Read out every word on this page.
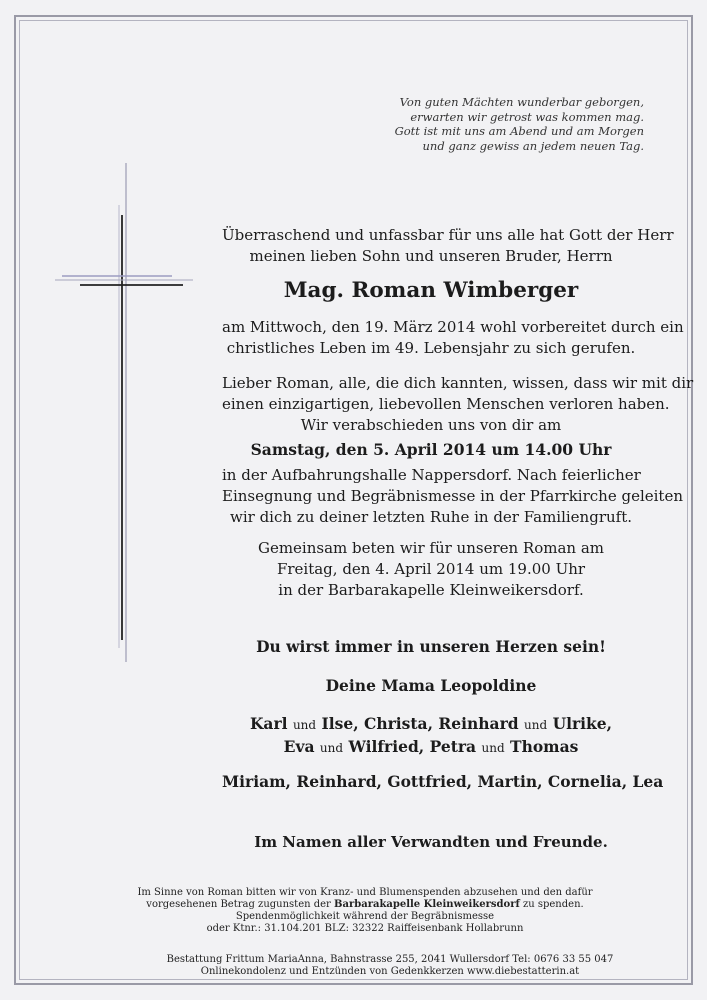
Von guten Mächten wunderbar geborgen,
erwarten wir getrost was kommen mag.
Gott ist mit uns am Abend und am Morgen
und ganz gewiss an jedem neuen Tag.
Überraschend und unfassbar für uns alle hat Gott der Herr
meinen lieben Sohn und unseren Bruder, Herrn
Mag. Roman Wimberger
am Mittwoch, den 19. März 2014 wohl vorbereitet durch ein
christliches Leben im 49. Lebensjahr zu sich gerufen.
Lieber Roman, alle, die dich kannten, wissen, dass wir mit dir
einen einzigartigen, liebevollen Menschen verloren haben.
Wir verabschieden uns von dir am
Samstag, den 5. April 2014 um 14.00 Uhr
in der Aufbahrungshalle Nappersdorf. Nach feierlicher
Einsegnung und Begräbnismesse in der Pfarrkirche geleiten
wir dich zu deiner letzten Ruhe in der Familiengruft.
Gemeinsam beten wir für unseren Roman am
Freitag, den 4. April 2014 um 19.00 Uhr
in der Barbarakapelle Kleinweikersdorf.
Du wirst immer in unseren Herzen sein!
Deine Mama Leopoldine
Karl und Ilse, Christa, Reinhard und Ulrike,
Eva und Wilfried, Petra und Thomas
Miriam, Reinhard, Gottfried, Martin, Cornelia, Lea
Im Namen aller Verwandten und Freunde.
Im Sinne von Roman bitten wir von Kranz- und Blumenspenden abzusehen und den dafür
vorgesehenen Betrag zugunsten der Barbarakapelle Kleinweikersdorf zu spenden.
Spendenmöglichkeit während der Begräbnismesse
oder Ktnr.: 31.104.201 BLZ: 32322 Raiffeisenbank Hollabrunn
Bestattung Frittum MariaAnna, Bahnstrasse 255, 2041 Wullersdorf Tel: 0676 33 55 047
Onlinekondolenz und Entzünden von Gedenkkerzen www.diebestatterin.at
